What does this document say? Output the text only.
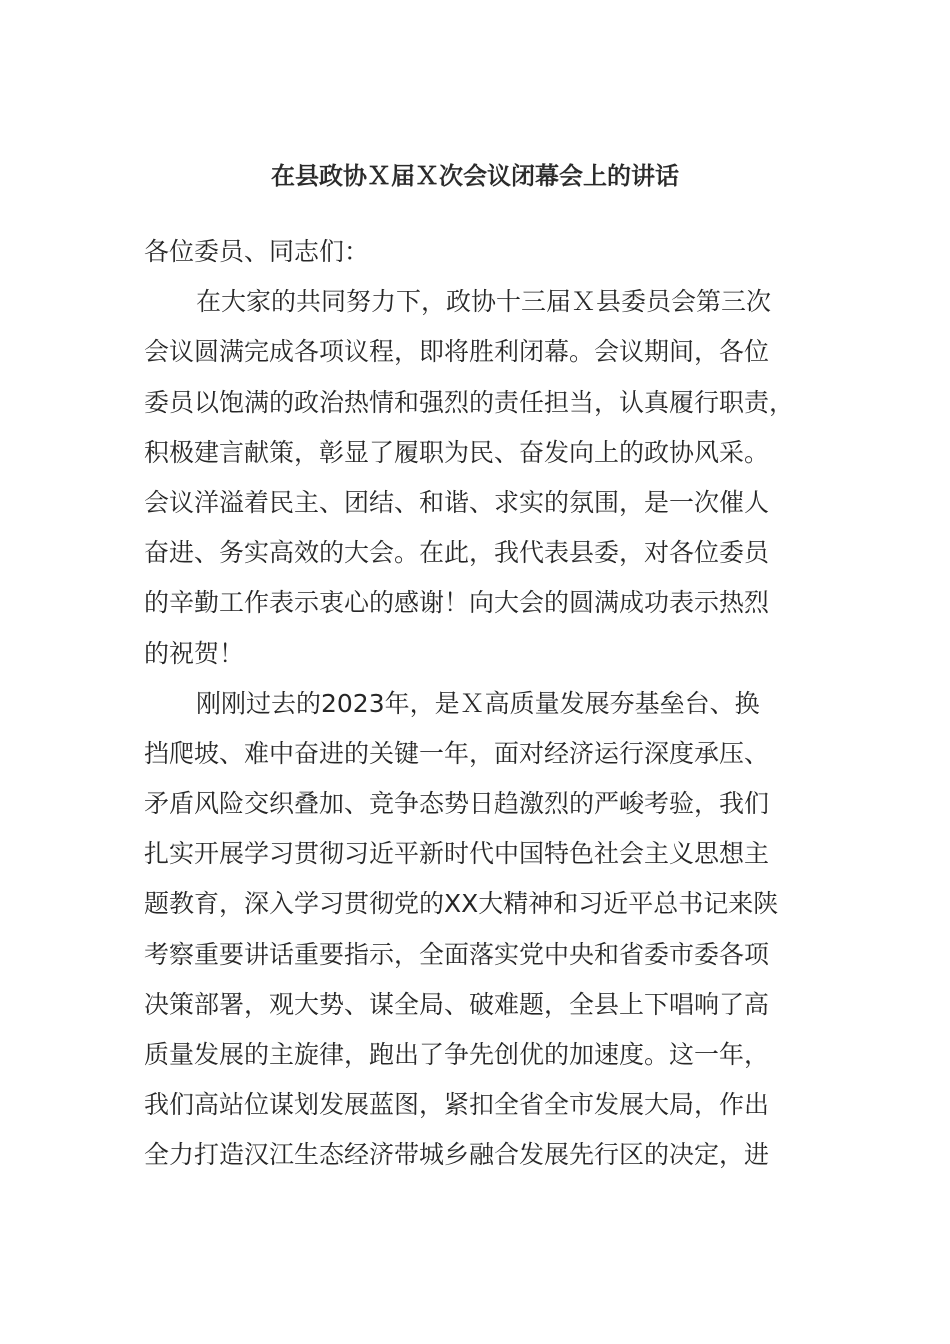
在县政协Ｘ届Ｘ次会议闭幕会上的讲话
各位委员、同志们：
在大家的共同努力下，政协十三届Ｘ县委员会第三次
会议圆满完成各项议程，即将胜利闭幕。会议期间，各位
委员以饱满的政治热情和强烈的责任担当，认真履行职责，
积极建言献策，彰显了履职为民、奋发向上的政协风采。
会议洋溢着民主、团结、和谐、求实的氛围，是一次催人
奋进、务实高效的大会。在此，我代表县委，对各位委员
的辛勤工作表示衷心的感谢！向大会的圆满成功表示热烈
的祝贺！
刚刚过去的2023年，是Ｘ高质量发展夯基垒台、换
挡爬坡、难中奋进的关键一年，面对经济运行深度承压、
矛盾风险交织叠加、竞争态势日趋激烈的严峻考验，我们
扎实开展学习贯彻习近平新时代中国特色社会主义思想主
题教育，深入学习贯彻党的XX大精神和习近平总书记来陕
考察重要讲话重要指示，全面落实党中央和省委市委各项
决策部署，观大势、谋全局、破难题，全县上下唱响了高
质量发展的主旋律，跑出了争先创优的加速度。这一年，
我们高站位谋划发展蓝图，紧扣全省全市发展大局，作出
全力打造汉江生态经济带城乡融合发展先行区的决定，进
